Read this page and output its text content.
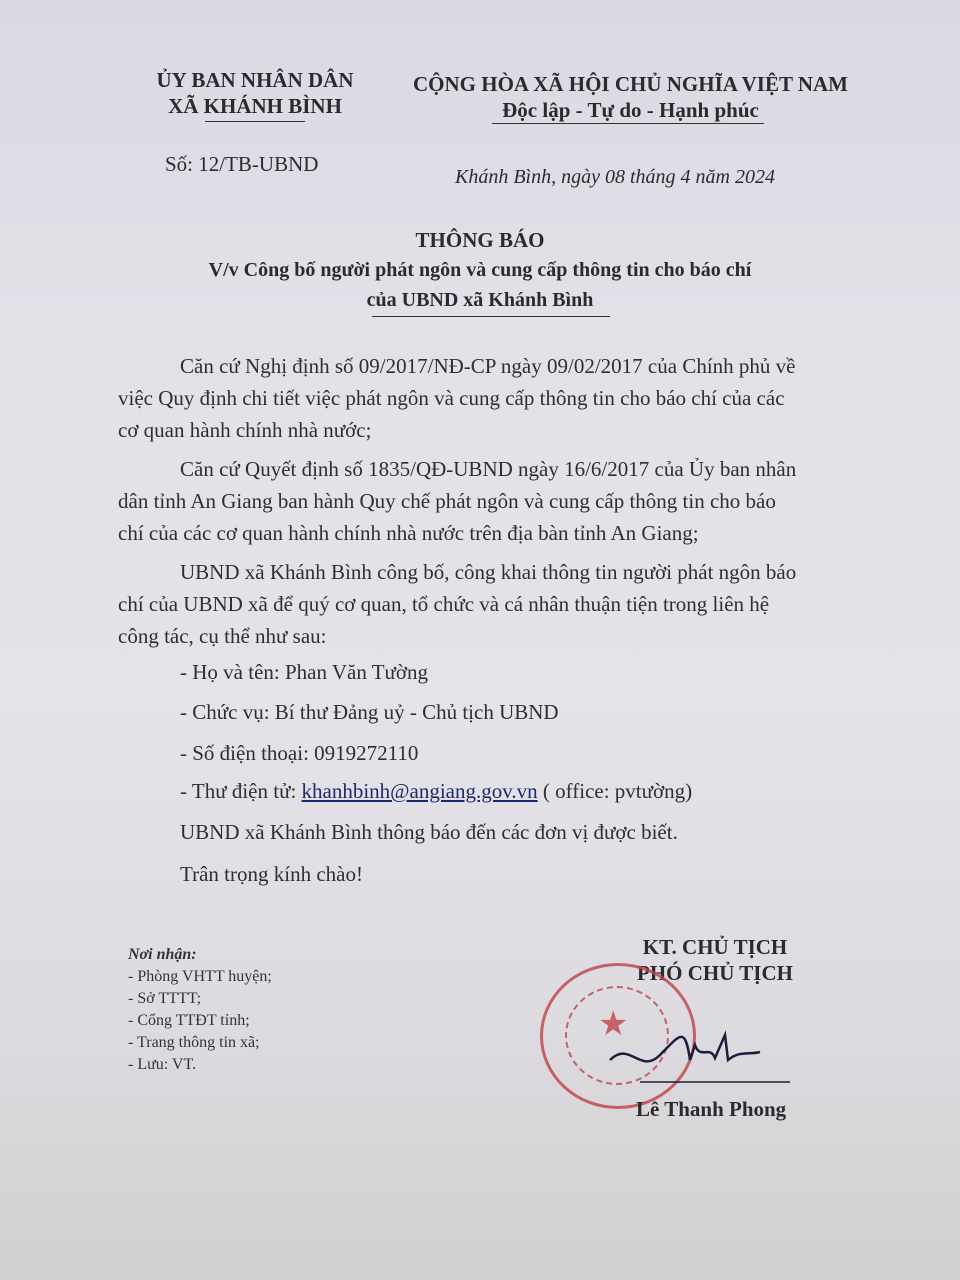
ỦY BAN NHÂN DÂN
XÃ KHÁNH BÌNH
Số: 12/TB-UBND
CỘNG HÒA XÃ HỘI CHỦ NGHĨA VIỆT NAM
Độc lập - Tự do - Hạnh phúc
Khánh Bình, ngày 08 tháng 4 năm 2024
THÔNG BÁO
V/v Công bố người phát ngôn và cung cấp thông tin cho báo chí
của UBND xã Khánh Bình
Căn cứ Nghị định số 09/2017/NĐ-CP ngày 09/02/2017 của Chính phủ về
việc Quy định chi tiết việc phát ngôn và cung cấp thông tin cho báo chí của các
cơ quan hành chính nhà nước;
Căn cứ Quyết định số 1835/QĐ-UBND ngày 16/6/2017 của Ủy ban nhân
dân tỉnh An Giang ban hành Quy chế phát ngôn và cung cấp thông tin cho báo
chí của các cơ quan hành chính nhà nước trên địa bàn tỉnh An Giang;
UBND xã Khánh Bình công bố, công khai thông tin người phát ngôn báo
chí của UBND xã để quý cơ quan, tổ chức và cá nhân thuận tiện trong liên hệ
công tác, cụ thể như sau:
- Họ và tên: Phan Văn Tường
- Chức vụ: Bí thư Đảng uỷ - Chủ tịch UBND
- Số điện thoại: 0919272110
- Thư điện tử: khanhbinh@angiang.gov.vn ( office: pvtường)
UBND xã Khánh Bình thông báo đến các đơn vị được biết.
Trân trọng kính chào!
Nơi nhận:
- Phòng VHTT huyện;
- Sở TTTT;
- Cổng TTĐT tỉnh;
- Trang thông tin xã;
- Lưu: VT.
KT. CHỦ TỊCH
PHÓ CHỦ TỊCH
★
Lê Thanh Phong
